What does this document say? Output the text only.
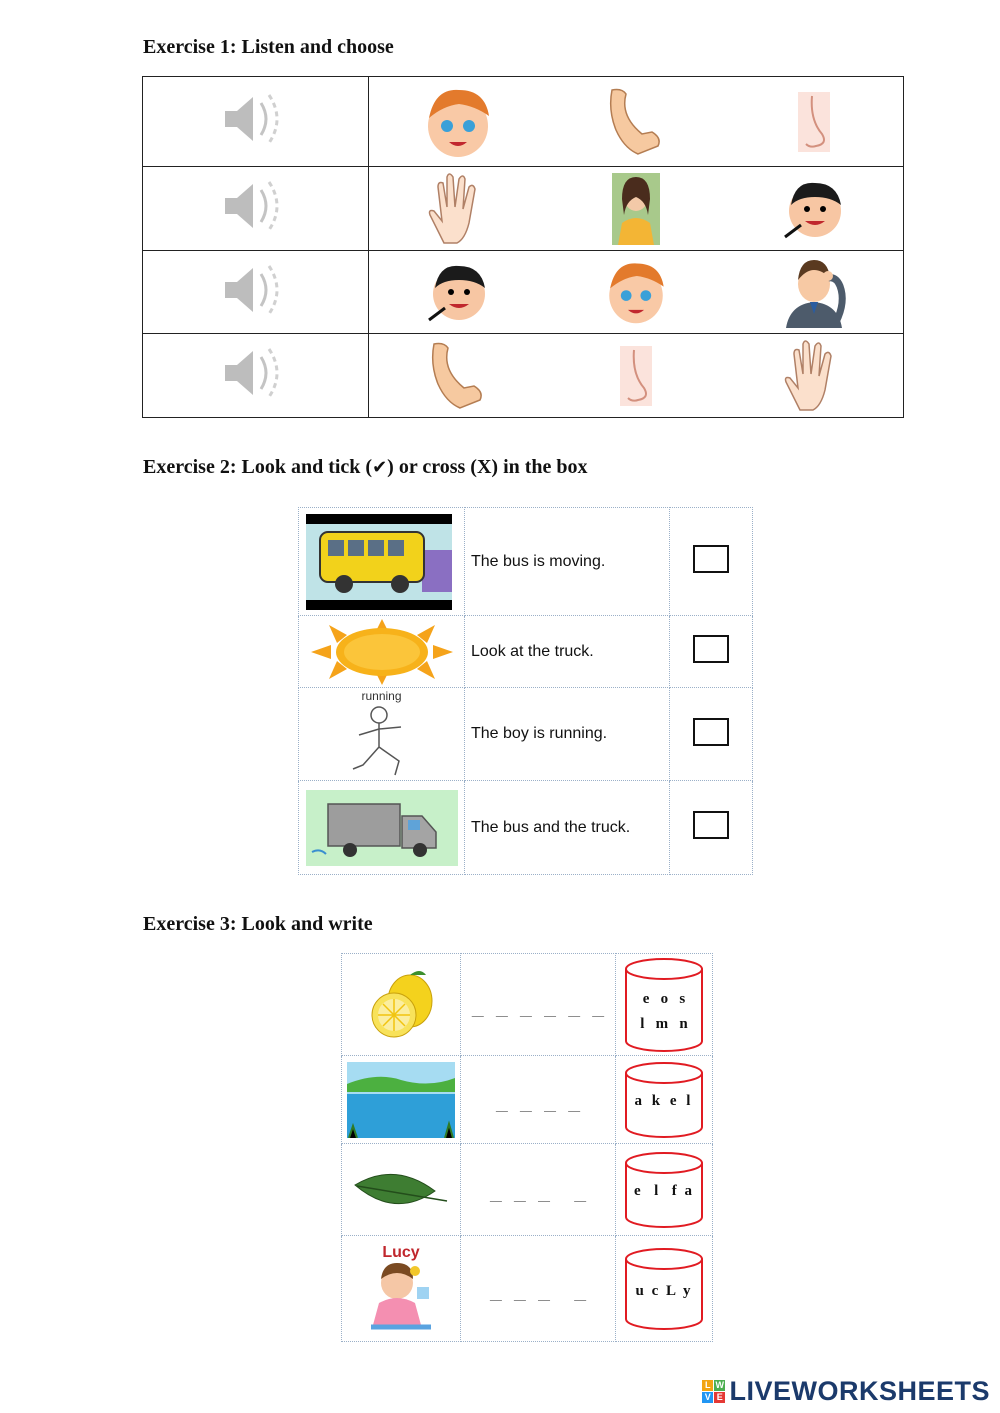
Exercise 1: Listen and choose

Exercise 2: Look and tick (✔) or cross (X) in the box
	The bus is moving.	

	Look at the truck.	

running	The boy is running.	

	The bus and the truck.	
Exercise 3: Look and write
	_ _ _ _ _ _	
e   o   s
l   m   n

	_ _ _ _	
a k e l

	_ _ _ _	
e  l  f a

Lucy
	_ _ _ _	u c L y
L W
V E LIVEWORKSHEETS
